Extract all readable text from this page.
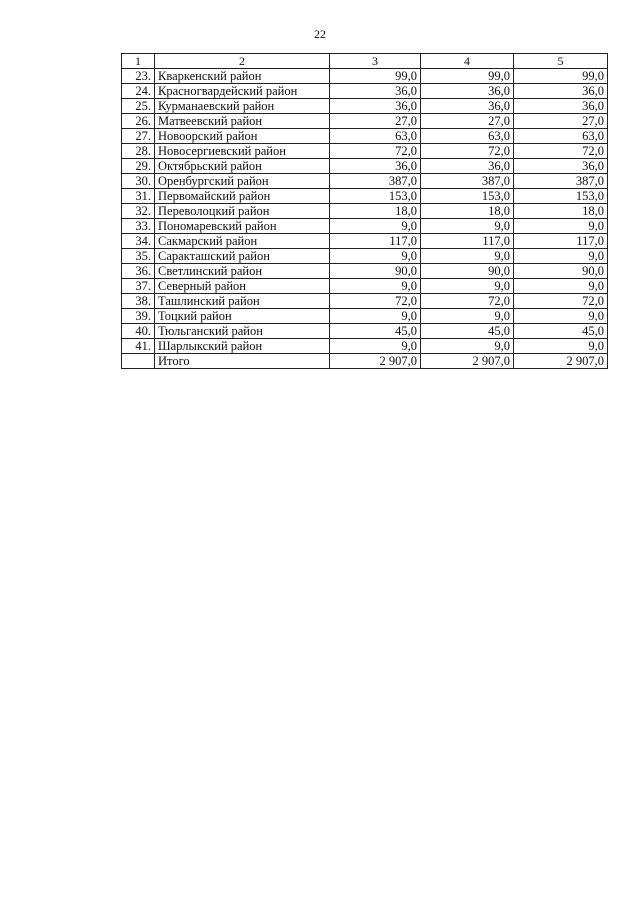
22
1	2	3	4	5
23.	Кваркенский район	99,0	99,0	99,0
24.	Красногвардейский район	36,0	36,0	36,0
25.	Курманаевский район	36,0	36,0	36,0
26.	Матвеевский район	27,0	27,0	27,0
27.	Новоорский район	63,0	63,0	63,0
28.	Новосергиевский район	72,0	72,0	72,0
29.	Октябрьский район	36,0	36,0	36,0
30.	Оренбургский район	387,0	387,0	387,0
31.	Первомайский район	153,0	153,0	153,0
32.	Переволоцкий район	18,0	18,0	18,0
33.	Пономаревский район	9,0	9,0	9,0
34.	Сакмарский район	117,0	117,0	117,0
35.	Саракташский район	9,0	9,0	9,0
36.	Светлинский район	90,0	90,0	90,0
37.	Северный район	9,0	9,0	9,0
38.	Ташлинский район	72,0	72,0	72,0
39.	Тоцкий район	9,0	9,0	9,0
40.	Тюльганский район	45,0	45,0	45,0
41.	Шарлыкский район	9,0	9,0	9,0
	Итого	2 907,0	2 907,0	2 907,0
